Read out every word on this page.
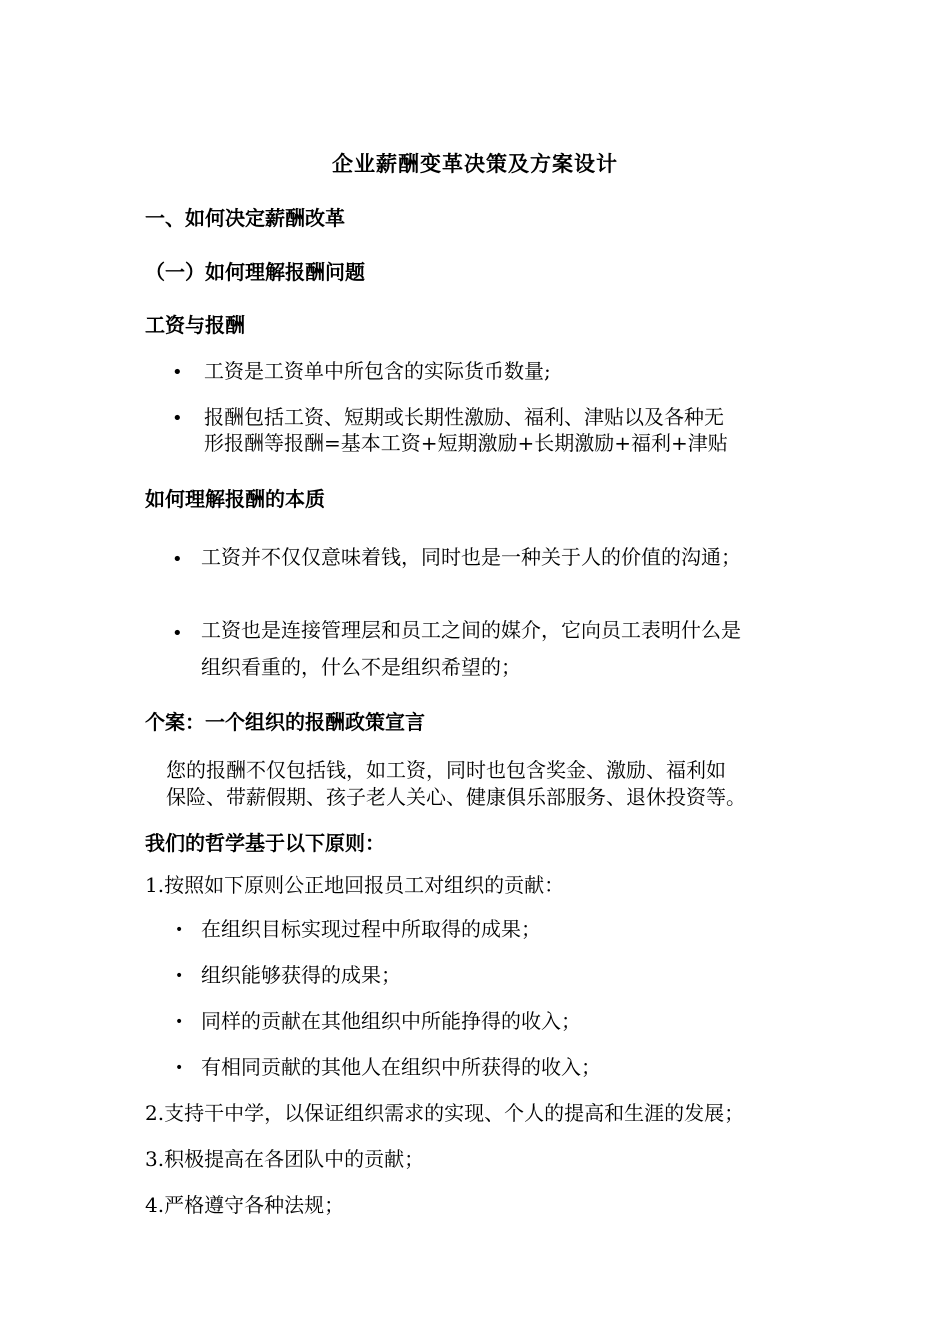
企业薪酬变革决策及方案设计
一、如何决定薪酬改革
（一）如何理解报酬问题
工资与报酬
• 工资是工资单中所包含的实际货币数量;
• 报酬包括工资、短期或长期性激励、福利、津贴以及各种无
形报酬等报酬=基本工资+短期激励+长期激励+福利+津贴
如何理解报酬的本质
• 工资并不仅仅意味着钱，同时也是一种关于人的价值的沟通；
• 工资也是连接管理层和员工之间的媒介，它向员工表明什么是
组织看重的，什么不是组织希望的；
个案：一个组织的报酬政策宣言
您的报酬不仅包括钱，如工资，同时也包含奖金、激励、福利如
保险、带薪假期、孩子老人关心、健康俱乐部服务、退休投资等。
我们的哲学基于以下原则：
1.按照如下原则公正地回报员工对组织的贡献：
• 在组织目标实现过程中所取得的成果；
• 组织能够获得的成果；
• 同样的贡献在其他组织中所能挣得的收入；
• 有相同贡献的其他人在组织中所获得的收入；
2.支持干中学，以保证组织需求的实现、个人的提高和生涯的发展；
3.积极提高在各团队中的贡献；
4.严格遵守各种法规；
